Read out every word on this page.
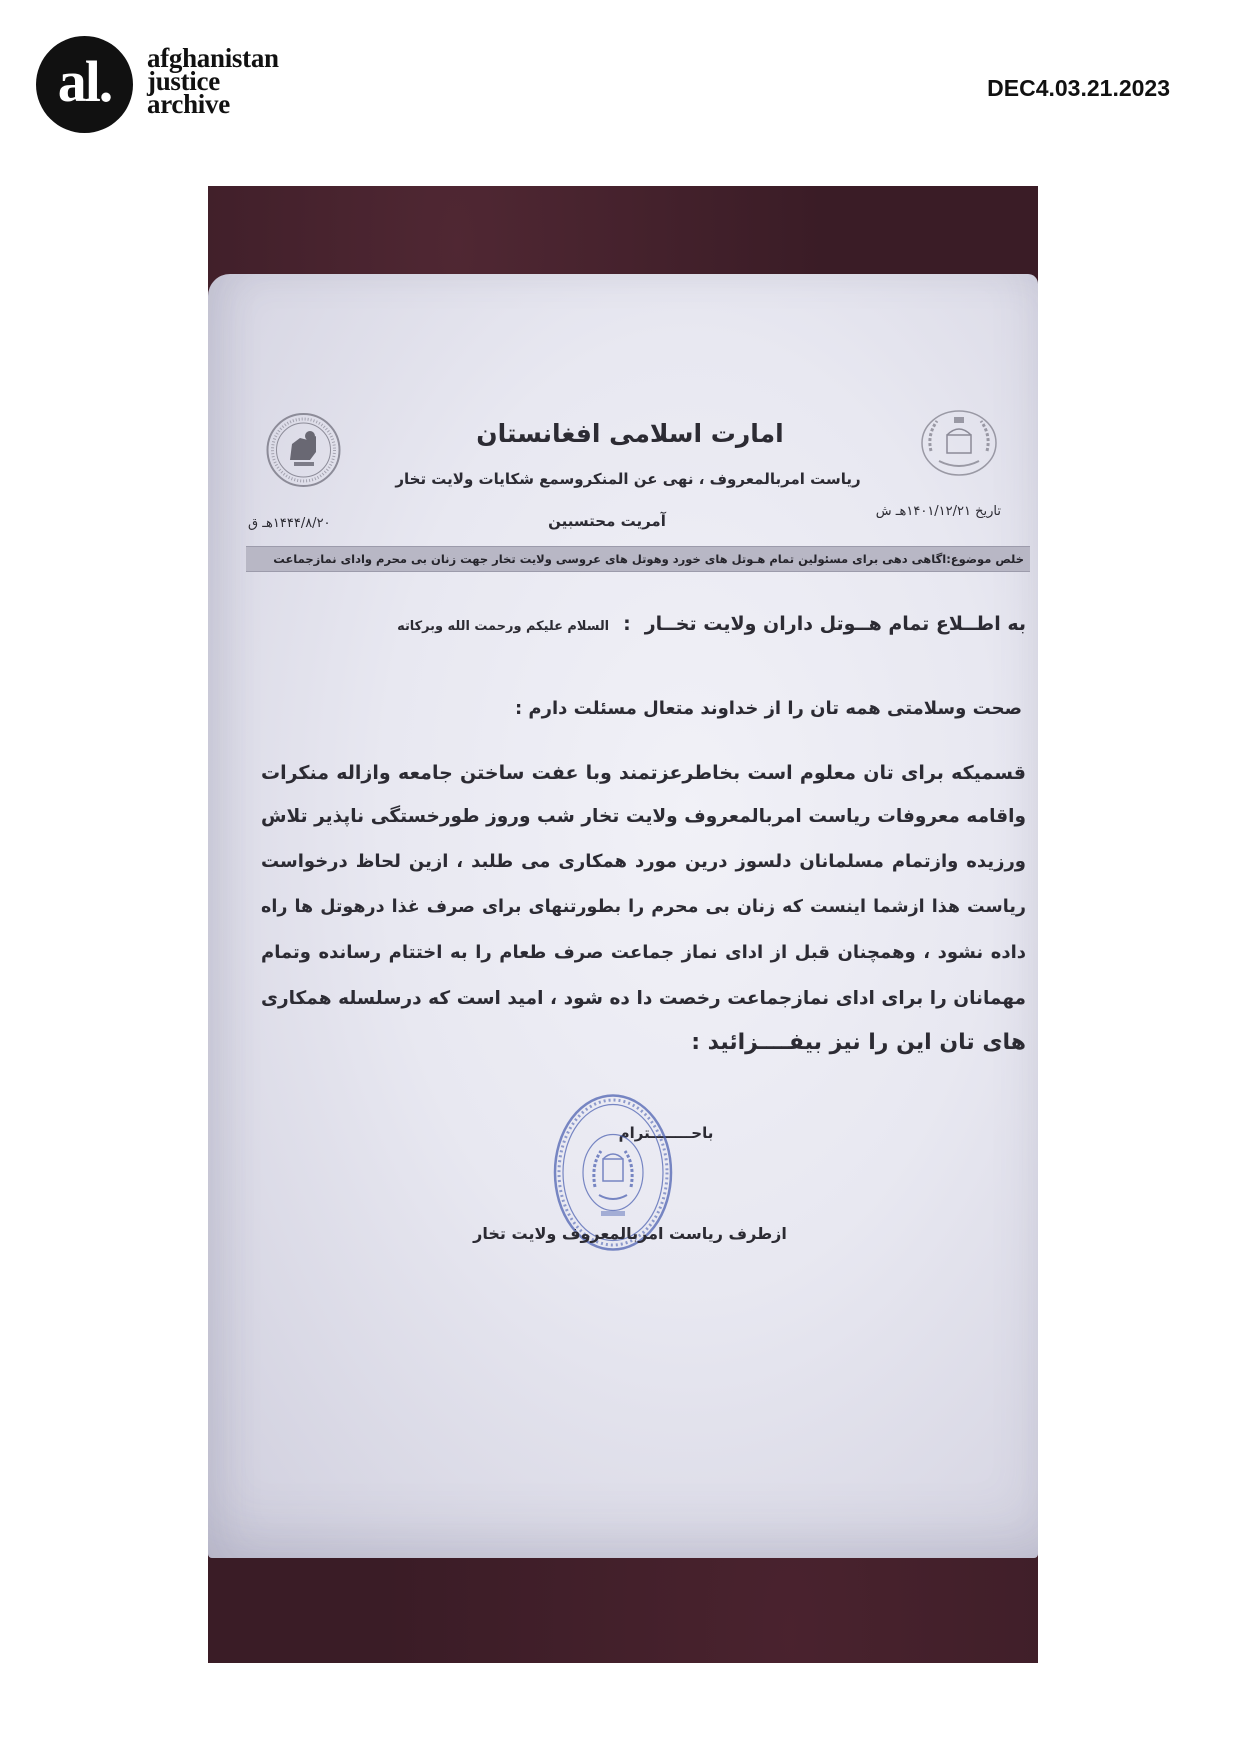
al. afghanistan
justice
archive
DEC4.03.21.2023
امارت اسلامی افغانستان
ریاست امربالمعروف ، نهی عن المنکروسمع شکایات ولایت تخار
آمریت محتسبین
تاریخ ۱۴۰۱/۱۲/۲۱هـ ش
۱۴۴۴/۸/۲۰هـ ق
خلص موضوع:اگاهی دهی برای مسئولین تمام هـوتل های خورد وهوتل های عروسی ولایت تخار جهت زنان بی محرم وادای نمازجماعت
به اطــلاع تمام هــوتل داران ولایت تخــار
:
السلام علیکم ورحمت الله وبرکاته
صحت وسلامتی همه تان را از خداوند متعال مسئلت دارم :
قسمیکه برای تان معلوم است بخاطرعزتمند وبا عفت ساختن جامعه وازاله منکرات
واقامه معروفات ریاست امربالمعروف ولایت تخار شب وروز طورخستگی ناپذیر تلاش
ورزیده وازتمام مسلمانان دلسوز درین مورد همکاری می طلبد ، ازین لحاظ درخواست
ریاست هذا ازشما اینست که زنان بی محرم را بطورتنهای برای صرف غذا درهوتل ها راه
داده نشود ، وهمچنان قبل از ادای نماز جماعت صرف طعام را به اختتام رسانده وتمام
مهمانان را برای ادای نمازجماعت رخصت دا ده شود ، امید است که درسلسله همکاری
های تان این را نیز بیفــــزائید :
باحــــــــترام
ازطرف ریاست امربالمعروف ولایت تخار
